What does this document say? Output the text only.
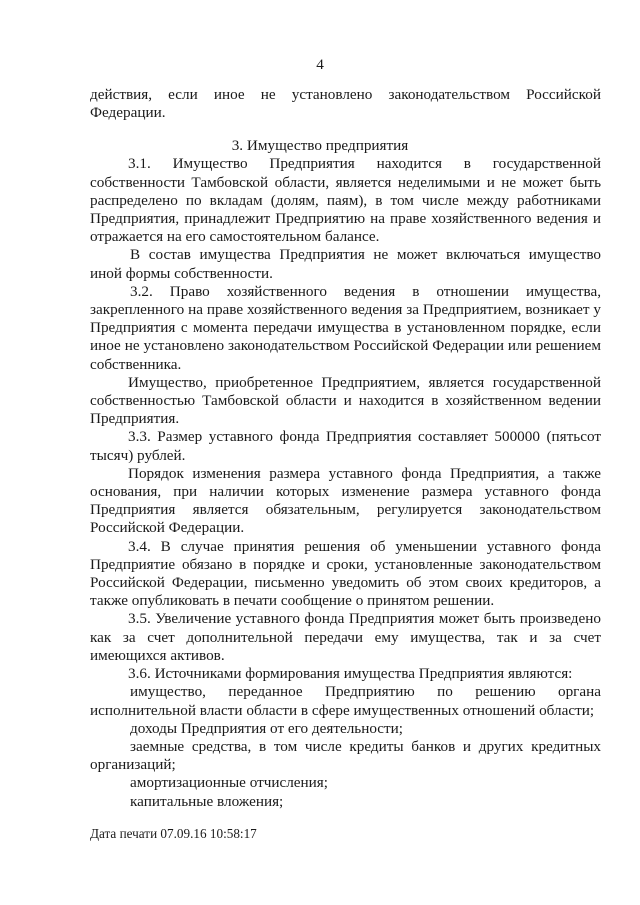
4
3. Имущество предприятия

действия, если иное не установлено законодательством Российской Федерации.

3.1. Имущество Предприятия находится в государственной собственности Тамбовской области, является неделимыми и не может быть распределено по вкладам (долям, паям), в том числе между работниками Предприятия, принадлежит Предприятию на праве хозяйственного ведения и отражается на его самостоятельном балансе.

В состав имущества Предприятия не может включаться имущество иной формы собственности.

3.2. Право хозяйственного ведения в отношении имущества, закрепленного на праве хозяйственного ведения за Предприятием, возникает у Предприятия с момента передачи имущества в установленном порядке, если иное не установлено законодательством Российской Федерации или решением собственника.

Имущество, приобретенное Предприятием, является государственной собственностью Тамбовской области и находится в хозяйственном ведении Предприятия.

3.3. Размер уставного фонда Предприятия составляет 500000 (пятьсот тысяч) рублей.

Порядок изменения размера уставного фонда Предприятия, а также основания, при наличии которых изменение размера уставного фонда Предприятия является обязательным, регулируется законодательством Российской Федерации.

3.4. В случае принятия решения об уменьшении уставного фонда Предприятие обязано в порядке и сроки, установленные законодательством Российской Федерации, письменно уведомить об этом своих кредиторов, а также опубликовать в печати сообщение о принятом решении.

3.5. Увеличение уставного фонда Предприятия может быть произведено как за счет дополнительной передачи ему имущества, так и за счет имеющихся активов.

3.6. Источниками формирования имущества Предприятия являются:

имущество, переданное Предприятию по решению органа исполнительной власти области в сфере имущественных отношений области;

доходы Предприятия от его деятельности;

заемные средства, в том числе кредиты банков и других кредитных организаций;

амортизационные отчисления;

капитальные вложения;

Дата печати 07.09.16 10:58:17
